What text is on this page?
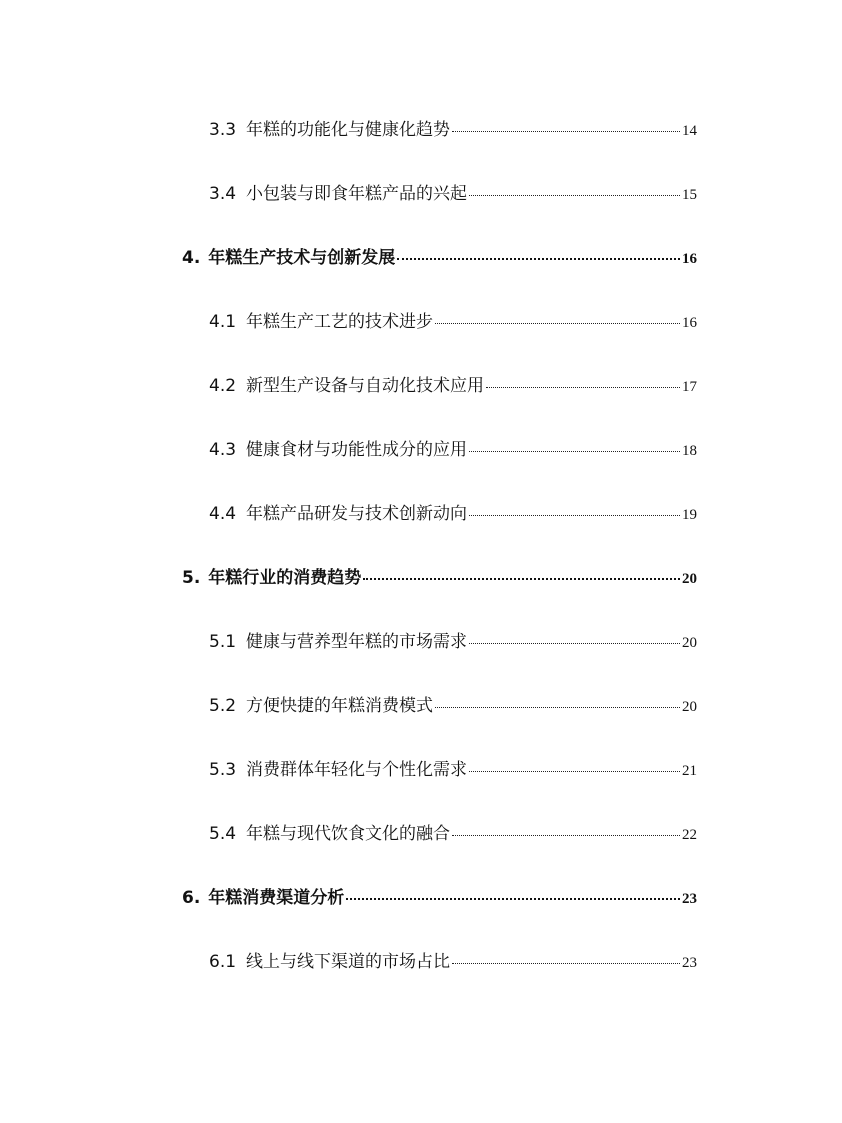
3.3 年糕的功能化与健康化趋势	14
3.4 小包装与即食年糕产品的兴起	15
4. 年糕生产技术与创新发展	16
4.1 年糕生产工艺的技术进步	16
4.2 新型生产设备与自动化技术应用	17
4.3 健康食材与功能性成分的应用	18
4.4 年糕产品研发与技术创新动向	19
5. 年糕行业的消费趋势	20
5.1 健康与营养型年糕的市场需求	20
5.2 方便快捷的年糕消费模式	20
5.3 消费群体年轻化与个性化需求	21
5.4 年糕与现代饮食文化的融合	22
6. 年糕消费渠道分析	23
6.1 线上与线下渠道的市场占比	23
